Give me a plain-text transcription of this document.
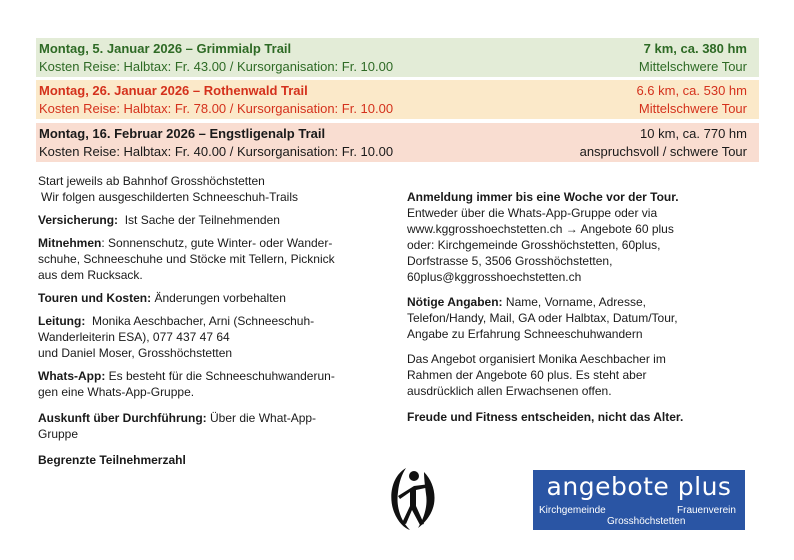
Montag, 5. Januar 2026 – Grimmialp Trail	7 km, ca. 380 hm
Kosten Reise: Halbtax: Fr. 43.00 / Kursorganisation: Fr. 10.00	Mittelschwere Tour
Montag, 26. Januar 2026 – Rothenwald Trail	6.6 km, ca. 530 hm
Kosten Reise: Halbtax: Fr. 78.00 / Kursorganisation: Fr. 10.00	Mittelschwere Tour
Montag, 16. Februar 2026 – Engstligenalp Trail	10 km, ca. 770 hm
Kosten Reise: Halbtax: Fr. 40.00 / Kursorganisation: Fr. 10.00	anspruchsvoll / schwere Tour
Start jeweils ab Bahnhof Grosshöchstetten
Wir folgen ausgeschilderten Schneeschuh-Trails
Versicherung: Ist Sache der Teilnehmenden
Mitnehmen: Sonnenschutz, gute Winter- oder Wander-
schuhe, Schneeschuhe und Stöcke mit Tellern, Picknick
aus dem Rucksack.
Touren und Kosten: Änderungen vorbehalten
Leitung: Monika Aeschbacher, Arni (Schneeschuh-
Wanderleiterin ESA), 077 437 47 64
und Daniel Moser, Grosshöchstetten
Whats-App: Es besteht für die Schneeschuhwanderun-
gen eine Whats-App-Gruppe.
Auskunft über Durchführung: Über die What-App-
Gruppe
Begrenzte Teilnehmerzahl
Anmeldung immer bis eine Woche vor der Tour.
Entweder über die Whats-App-Gruppe oder via
www.kggrosshoechstetten.ch → Angebote 60 plus
oder: Kirchgemeinde Grosshöchstetten, 60plus,
Dorfstrasse 5, 3506 Grosshöchstetten,
60plus@kggrosshoechstetten.ch
Nötige Angaben: Name, Vorname, Adresse,
Telefon/Handy, Mail, GA oder Halbtax, Datum/Tour,
Angabe zu Erfahrung Schneeschuhwandern
Das Angebot organisiert Monika Aeschbacher im
Rahmen der Angebote 60 plus. Es steht aber
ausdrücklich allen Erwachsenen offen.
Freude und Fitness entscheiden, nicht das Alter.
angebote plus
Kirchgemeinde	Frauenverein
Grosshöchstetten
